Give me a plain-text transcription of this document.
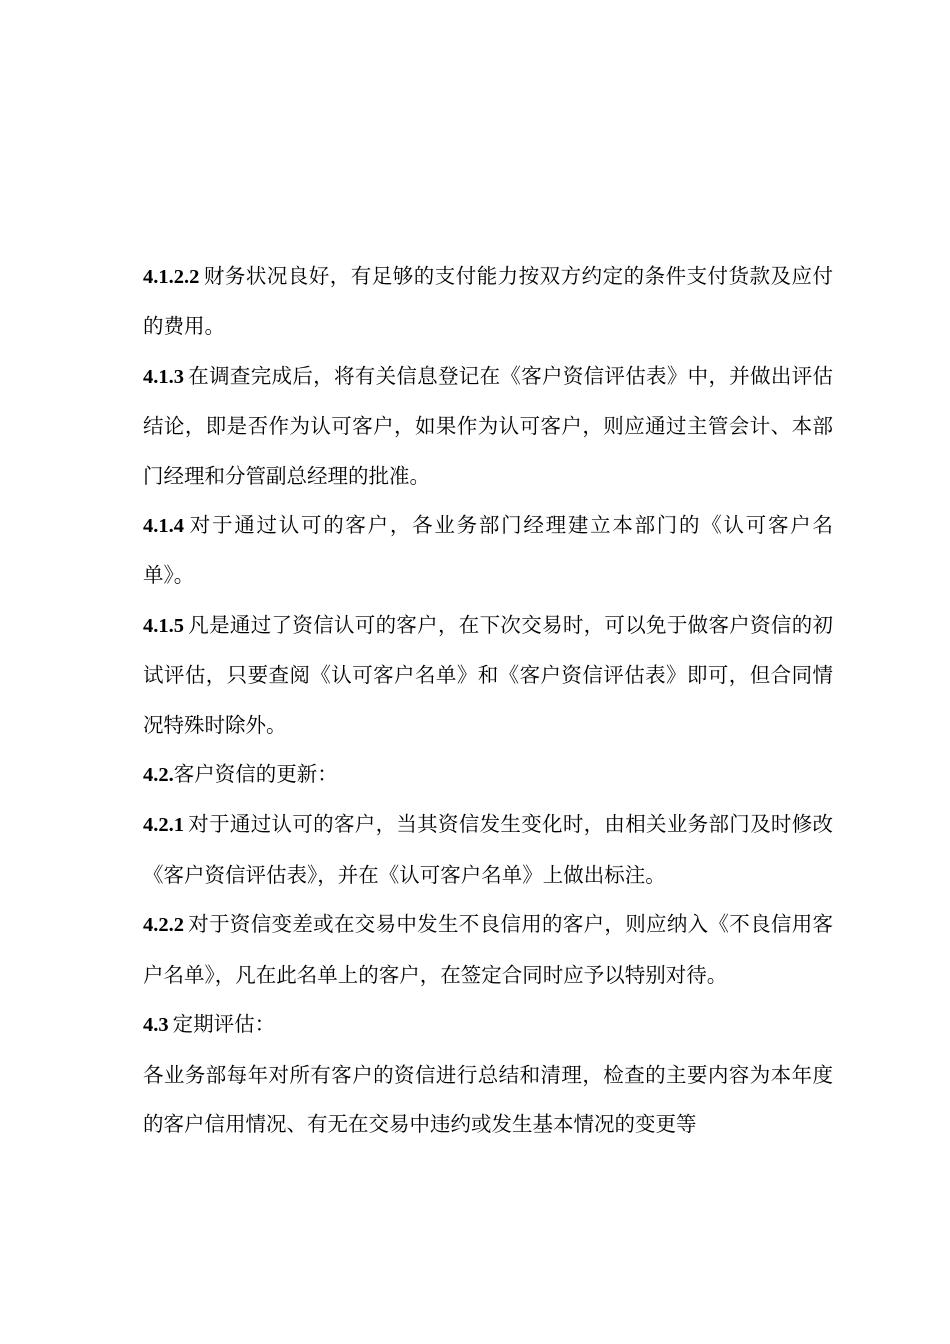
4.1.2.2 财务状况良好，有足够的支付能力按双方约定的条件支付货款及应付的费用。

4.1.3 在调查完成后，将有关信息登记在《客户资信评估表》中，并做出评估结论，即是否作为认可客户，如果作为认可客户，则应通过主管会计、本部门经理和分管副总经理的批准。

4.1.4 对于通过认可的客户，各业务部门经理建立本部门的《认可客户名单》。

4.1.5 凡是通过了资信认可的客户，在下次交易时，可以免于做客户资信的初试评估，只要查阅《认可客户名单》和《客户资信评估表》即可，但合同情况特殊时除外。

4.2.客户资信的更新：

4.2.1 对于通过认可的客户，当其资信发生变化时，由相关业务部门及时修改《客户资信评估表》，并在《认可客户名单》上做出标注。

4.2.2 对于资信变差或在交易中发生不良信用的客户，则应纳入《不良信用客户名单》，凡在此名单上的客户，在签定合同时应予以特别对待。

4.3 定期评估：

各业务部每年对所有客户的资信进行总结和清理，检查的主要内容为本年度的客户信用情况、有无在交易中违约或发生基本情况的变更等
